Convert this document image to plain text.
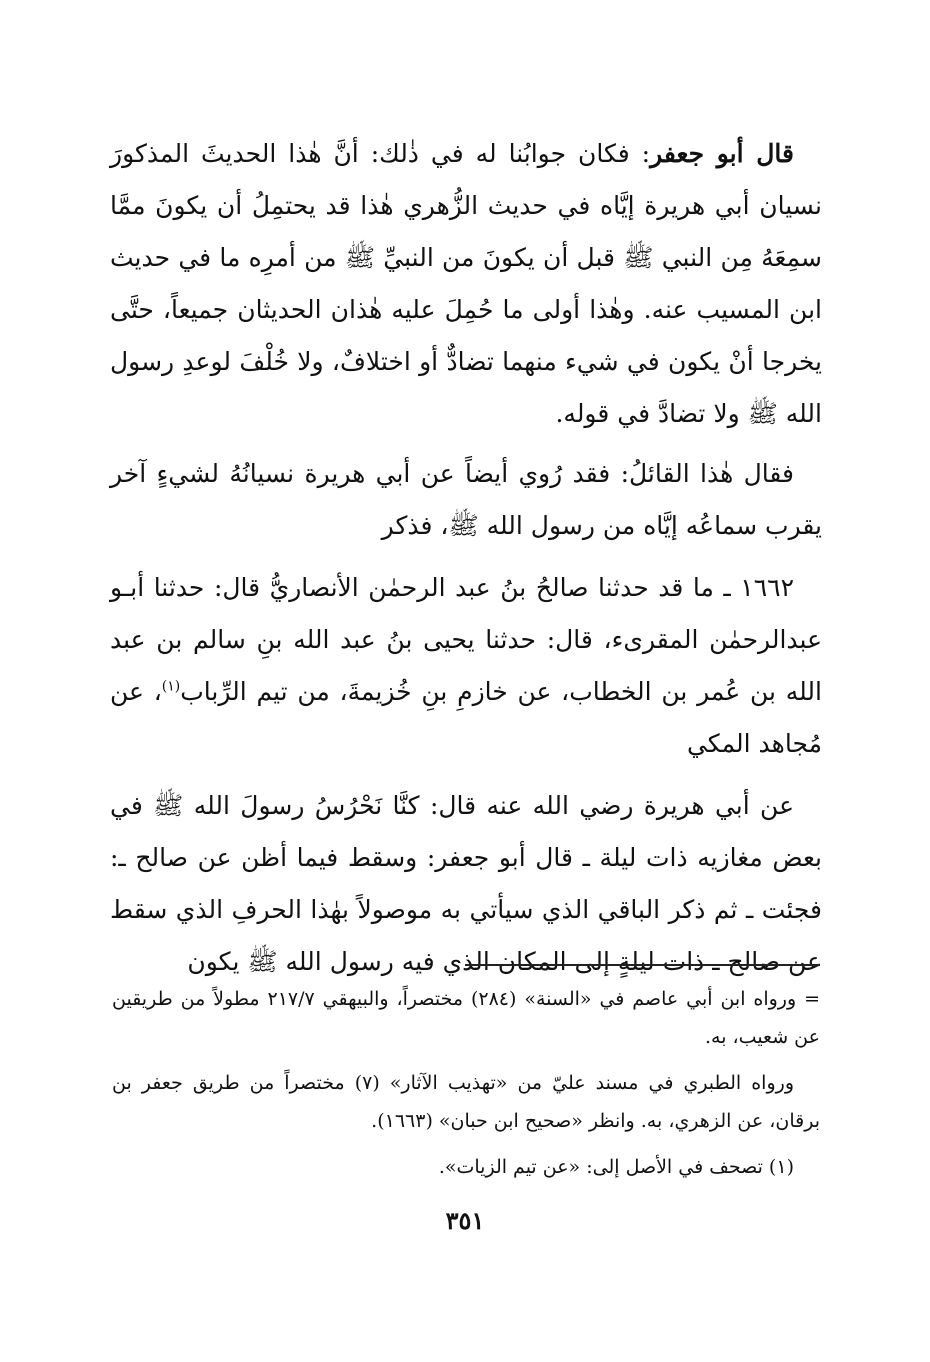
قال أبو جعفر: فكان جوابُنا له في ذٰلك: أنَّ هٰذا الحديثَ المذكورَ نسيان أبي هريرة إيَّاه في حديث الزُّهري هٰذا قد يحتمِلُ أن يكونَ ممَّا سمِعَهُ مِن النبي ﷺ قبل أن يكونَ من النبيِّ ﷺ من أمرِه ما في حديث ابن المسيب عنه. وهٰذا أولى ما حُمِلَ عليه هٰذان الحديثان جميعاً، حتَّى يخرجا أنْ يكون في شيء منهما تضادٌّ أو اختلافٌ، ولا خُلْفَ لوعدِ رسول الله ﷺ ولا تضادَّ في قوله.

فقال هٰذا القائلُ: فقد رُوي أيضاً عن أبي هريرة نسيانُهُ لشيءٍ آخر يقرب سماعُه إيَّاه من رسول الله ﷺ، فذكر

١٦٦٢ ـ ما قد حدثنا صالحُ بنُ عبد الرحمٰن الأنصاريُّ قال: حدثنا أبـو عبدالرحمٰن المقرىء، قال: حدثنا يحيى بنُ عبد الله بنِ سالم بن عبد الله بن عُمر بن الخطاب، عن خازمِ بنِ خُزيمةَ، من تيم الرِّباب$^{(١)}$، عن مُجاهد المكي

عن أبي هريرة رضي الله عنه قال: كنَّا نَحْرُسُ رسولَ الله ﷺ في بعض مغازيه ذات ليلة ـ قال أبو جعفر: وسقط فيما أظن عن صالح ـ: فجئت ـ ثم ذكر الباقي الذي سيأتي به موصولاً بهٰذا الحرفِ الذي سقط عن صالح ـ ذات ليلةٍ إلى المكان الذي فيه رسول الله ﷺ يكون

= ورواه ابن أبي عاصم في «السنة» (٢٨٤) مختصراً، والبيهقي ٢١٧/٧ مطولاً من طريقين عن شعيب، به.

ورواه الطبري في مسند عليّ من «تهذيب الآثار» (٧) مختصراً من طريق جعفر بن برقان، عن الزهري، به. وانظر «صحيح ابن حبان» (١٦٦٣).

(١) تصحف في الأصل إلى: «عن تيم الزيات».

٣٥١
